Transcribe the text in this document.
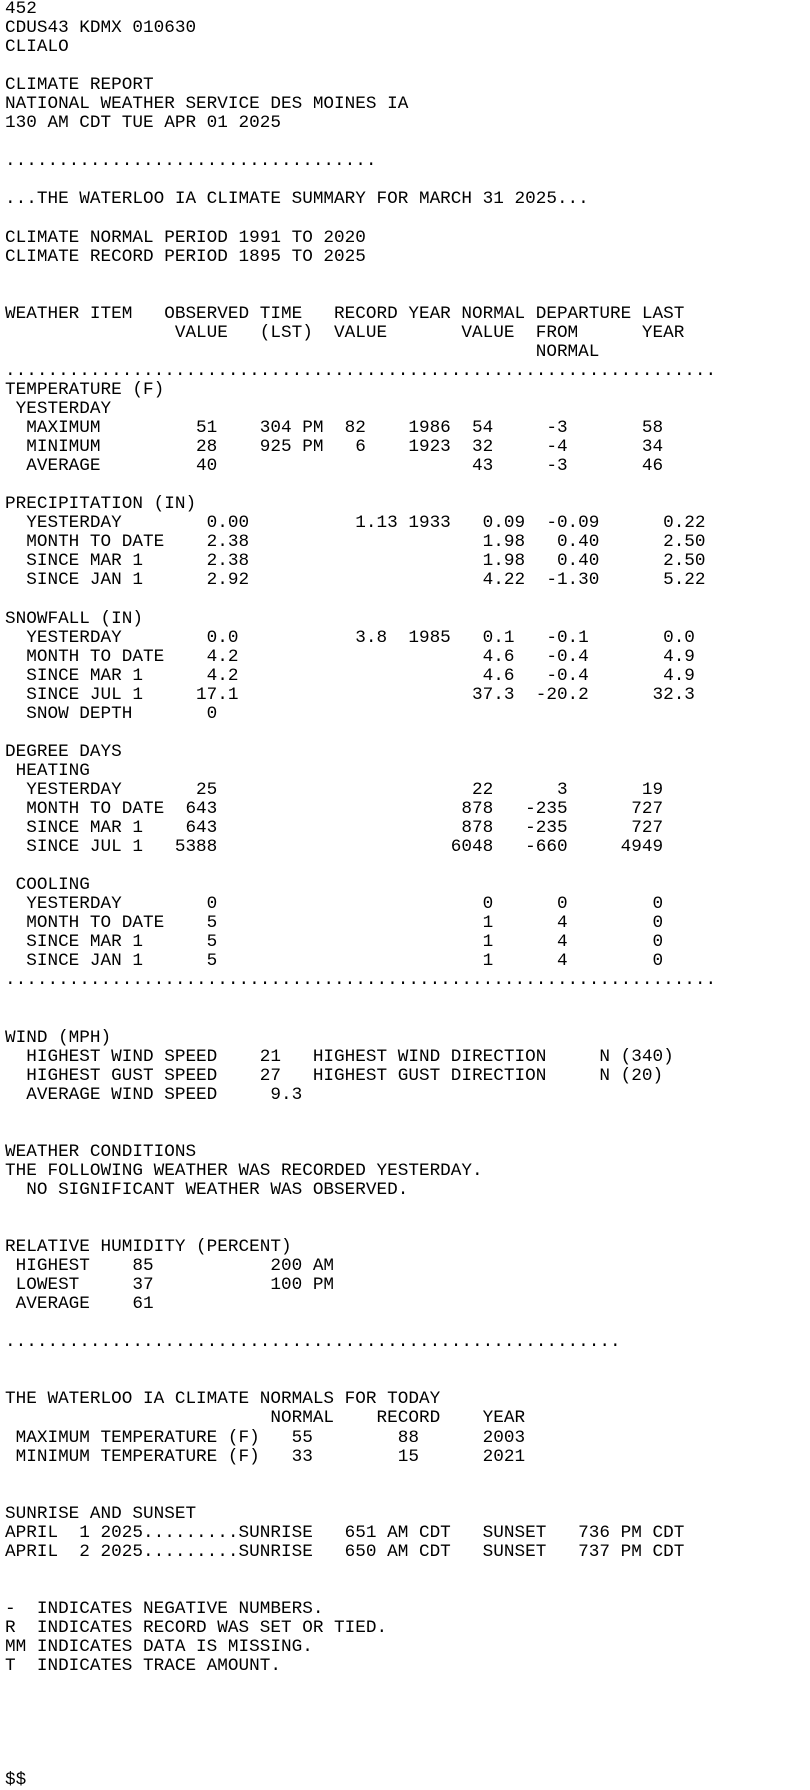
452
CDUS43 KDMX 010630
CLIALO
CLIMATE REPORT
NATIONAL WEATHER SERVICE DES MOINES IA
130 AM CDT TUE APR 01 2025
...................................
...THE WATERLOO IA CLIMATE SUMMARY FOR MARCH 31 2025...
CLIMATE NORMAL PERIOD 1991 TO 2020
CLIMATE RECORD PERIOD 1895 TO 2025
WEATHER ITEM   OBSERVED TIME   RECORD YEAR NORMAL DEPARTURE LAST
VALUE   (LST)  VALUE       VALUE  FROM      YEAR
NORMAL
...................................................................
TEMPERATURE (F)
YESTERDAY
MAXIMUM         51    304 PM  82    1986  54     -3       58
MINIMUM         28    925 PM   6    1923  32     -4       34
AVERAGE         40                        43     -3       46
PRECIPITATION (IN)
YESTERDAY        0.00          1.13 1933   0.09  -0.09      0.22
MONTH TO DATE    2.38                      1.98   0.40      2.50
SINCE MAR 1      2.38                      1.98   0.40      2.50
SINCE JAN 1      2.92                      4.22  -1.30      5.22
SNOWFALL (IN)
YESTERDAY        0.0           3.8  1985   0.1   -0.1       0.0
MONTH TO DATE    4.2                       4.6   -0.4       4.9
SINCE MAR 1      4.2                       4.6   -0.4       4.9
SINCE JUL 1     17.1                      37.3  -20.2      32.3
SNOW DEPTH       0
DEGREE DAYS
HEATING
YESTERDAY       25                        22      3       19
MONTH TO DATE  643                       878   -235      727
SINCE MAR 1    643                       878   -235      727
SINCE JUL 1   5388                      6048   -660     4949
COOLING
YESTERDAY        0                         0      0        0
MONTH TO DATE    5                         1      4        0
SINCE MAR 1      5                         1      4        0
SINCE JAN 1      5                         1      4        0
...................................................................
WIND (MPH)
HIGHEST WIND SPEED    21   HIGHEST WIND DIRECTION     N (340)
HIGHEST GUST SPEED    27   HIGHEST GUST DIRECTION     N (20)
AVERAGE WIND SPEED     9.3
WEATHER CONDITIONS
THE FOLLOWING WEATHER WAS RECORDED YESTERDAY.
NO SIGNIFICANT WEATHER WAS OBSERVED.
RELATIVE HUMIDITY (PERCENT)
HIGHEST    85           200 AM
LOWEST     37           100 PM
AVERAGE    61
..........................................................
THE WATERLOO IA CLIMATE NORMALS FOR TODAY
NORMAL    RECORD    YEAR
MAXIMUM TEMPERATURE (F)   55        88      2003
MINIMUM TEMPERATURE (F)   33        15      2021
SUNRISE AND SUNSET
APRIL  1 2025.........SUNRISE   651 AM CDT   SUNSET   736 PM CDT
APRIL  2 2025.........SUNRISE   650 AM CDT   SUNSET   737 PM CDT
-  INDICATES NEGATIVE NUMBERS.
R  INDICATES RECORD WAS SET OR TIED.
MM INDICATES DATA IS MISSING.
T  INDICATES TRACE AMOUNT.
$$
